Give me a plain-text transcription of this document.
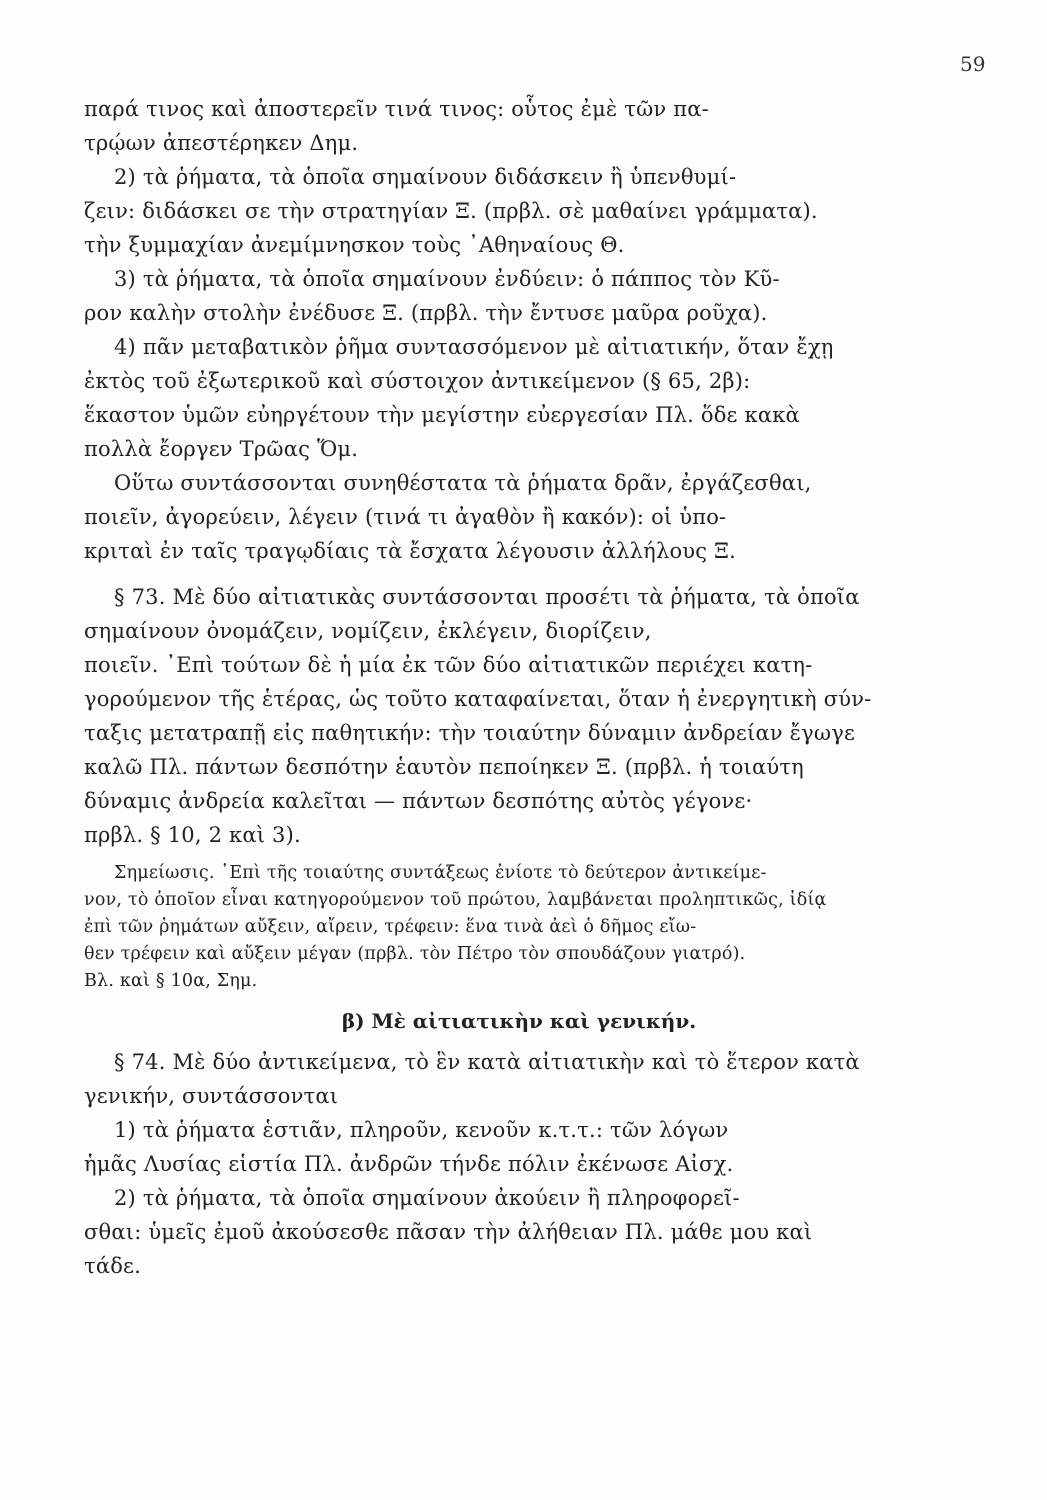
59
παρά τινος καὶ ἀποστερεῖν τινά τινος: οὗτος ἐμὲ τῶν πα-
τρῴων ἀπεστέρηκεν Δημ.
2) τὰ ῥήματα, τὰ ὁποῖα σημαίνουν διδάσκειν ἢ ὑπενθυμί-
ζειν: διδάσκει σε τὴν στρατηγίαν Ξ. (πρβλ. σὲ μαθαίνει γράμματα).
τὴν ξυμμαχίαν ἀνεμίμνησκον τοὺς ᾿Αθηναίους Θ.
3) τὰ ῥήματα, τὰ ὁποῖα σημαίνουν ἐνδύειν: ὁ πάππος τὸν Κῦ-
ρον καλὴν στολὴν ἐνέδυσε Ξ. (πρβλ. τὴν ἔντυσε μαῦρα ροῦχα).
4) πᾶν μεταβατικὸν ῥῆμα συντασσόμενον μὲ αἰτιατικήν, ὅταν ἔχῃ
ἐκτὸς τοῦ ἐξωτερικοῦ καὶ σύστοιχον ἀντικείμενον (§ 65, 2β):
ἕκαστον ὑμῶν εὐηργέτουν τὴν μεγίστην εὐεργεσίαν Πλ. ὅδε κακὰ
πολλὰ ἔοργεν Τρῶας Ὅμ.
Οὕτω συντάσσονται συνηθέστατα τὰ ῥήματα δρᾶν, ἐργάζεσθαι,
ποιεῖν, ἀγορεύειν, λέγειν (τινά τι ἀγαθὸν ἢ κακόν): οἱ ὑπο-
κριταὶ ἐν ταῖς τραγῳδίαις τὰ ἔσχατα λέγουσιν ἀλλήλους Ξ.
§ 73. Μὲ δύο αἰτιατικὰς συντάσσονται προσέτι τὰ ῥήματα, τὰ ὁποῖα
σημαίνουν ὀνομάζειν, νομίζειν, ἐκλέγειν, διορίζειν,
ποιεῖν. ᾿Επὶ τούτων δὲ ἡ μία ἐκ τῶν δύο αἰτιατικῶν περιέχει κατη-
γορούμενον τῆς ἑτέρας, ὡς τοῦτο καταφαίνεται, ὅταν ἡ ἐνεργητικὴ σύν-
ταξις μετατραπῇ εἰς παθητικήν: τὴν τοιαύτην δύναμιν ἀνδρείαν ἔγωγε
καλῶ Πλ. πάντων δεσπότην ἑαυτὸν πεποίηκεν Ξ. (πρβλ. ἡ τοιαύτη
δύναμις ἀνδρεία καλεῖται — πάντων δεσπότης αὐτὸς γέγονε·
πρβλ. § 10, 2 καὶ 3).
Σημείωσις. ᾿Επὶ τῆς τοιαύτης συντάξεως ἐνίοτε τὸ δεύτερον ἀντικείμε-
νον, τὸ ὁποῖον εἶναι κατηγορούμενον τοῦ πρώτου, λαμβάνεται προληπτικῶς, ἰδίᾳ
ἐπὶ τῶν ῥημάτων αὔξειν, αἴρειν, τρέφειν: ἕνα τινὰ ἀεὶ ὁ δῆμος εἴω-
θεν τρέφειν καὶ αὔξειν μέγαν (πρβλ. τὸν Πέτρο τὸν σπουδάζουν γιατρό).
Βλ. καὶ § 10α, Σημ.
β) Μὲ αἰτιατικὴν καὶ γενικήν.
§ 74. Μὲ δύο ἀντικείμενα, τὸ ἓν κατὰ αἰτιατικὴν καὶ τὸ ἕτερον κατὰ
γενικήν, συντάσσονται
1) τὰ ῥήματα ἑστιᾶν, πληροῦν, κενοῦν κ.τ.τ.: τῶν λόγων
ἡμᾶς Λυσίας εἱστία Πλ. ἀνδρῶν τήνδε πόλιν ἐκένωσε Αἰσχ.
2) τὰ ῥήματα, τὰ ὁποῖα σημαίνουν ἀκούειν ἢ πληροφορεῖ-
σθαι: ὑμεῖς ἐμοῦ ἀκούσεσθε πᾶσαν τὴν ἀλήθειαν Πλ. μάθε μου καὶ
τάδε.
